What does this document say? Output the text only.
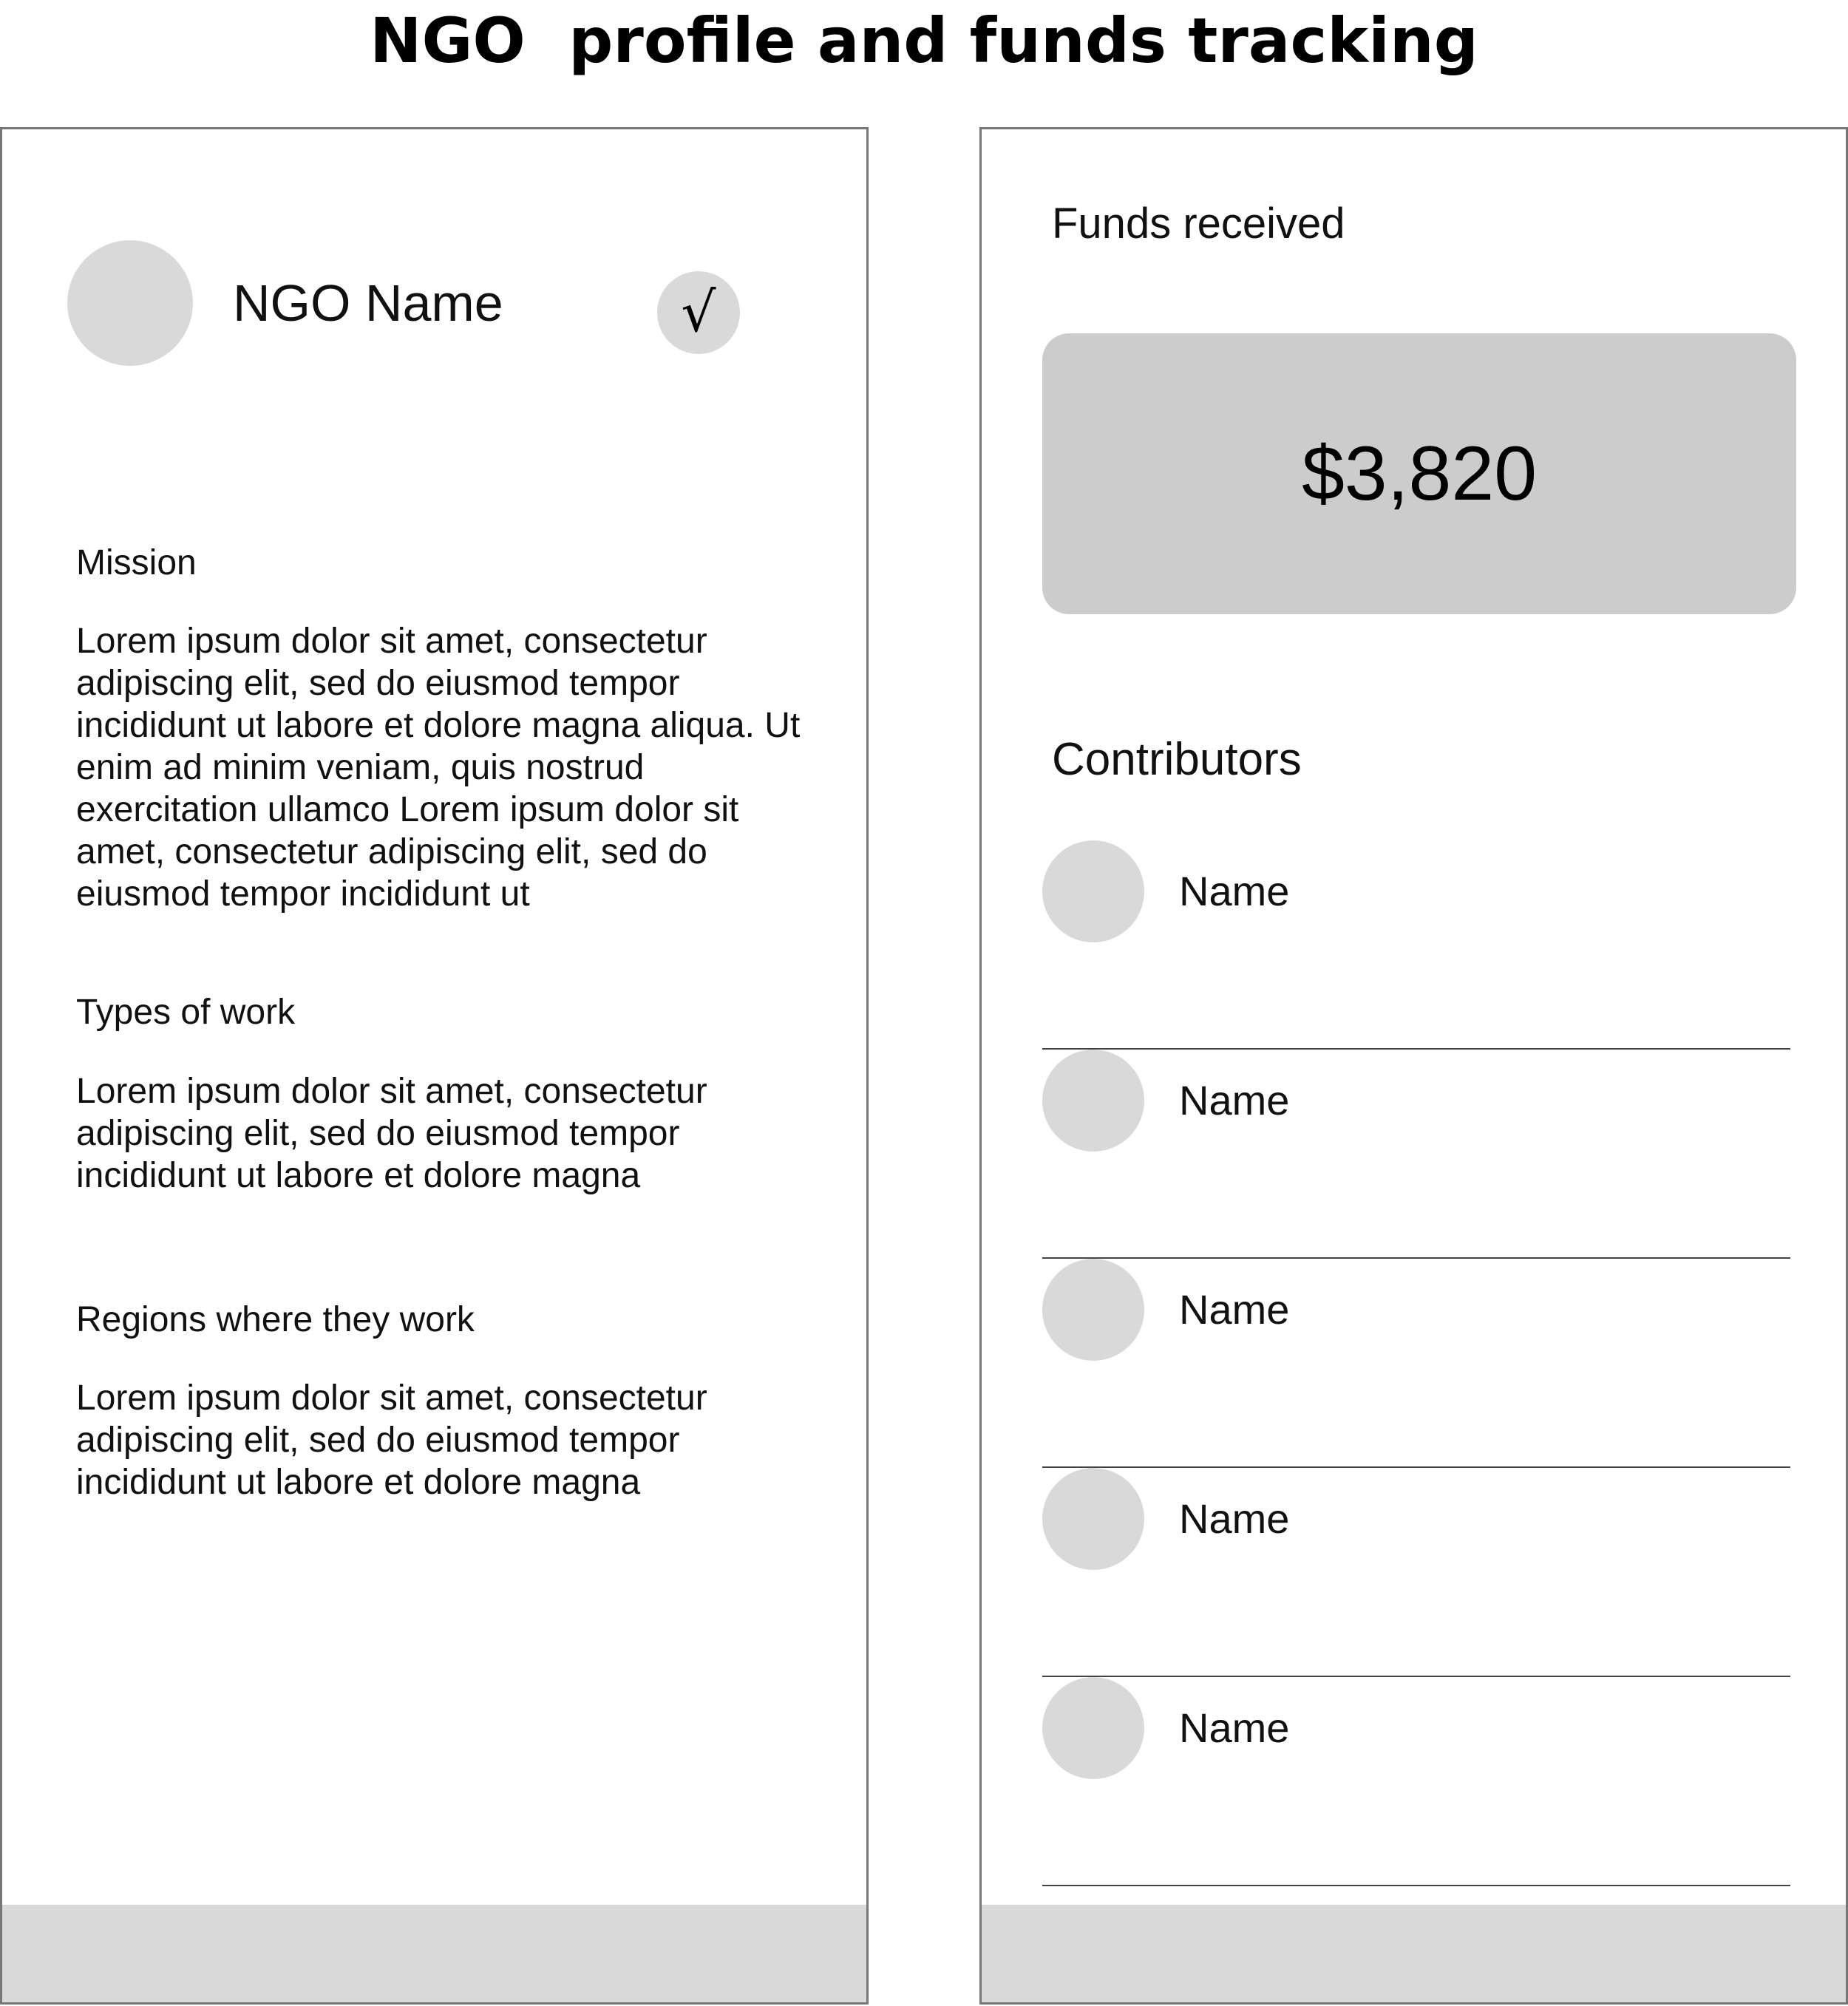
NGO  profile and funds tracking
NGO Name	√
Mission
Lorem ipsum dolor sit amet, consectetur adipiscing elit, sed do eiusmod tempor incididunt ut labore et dolore magna aliqua. Ut enim ad minim veniam, quis nostrud exercitation ullamco Lorem ipsum dolor sit amet, consectetur adipiscing elit, sed do eiusmod tempor incididunt ut
Types of work
Lorem ipsum dolor sit amet, consectetur adipiscing elit, sed do eiusmod tempor incididunt ut labore et dolore magna
Regions where they work
Lorem ipsum dolor sit amet, consectetur adipiscing elit, sed do eiusmod tempor incididunt ut labore et dolore magna
Funds received
$3,820
Contributors
Name
Name
Name
Name
Name
